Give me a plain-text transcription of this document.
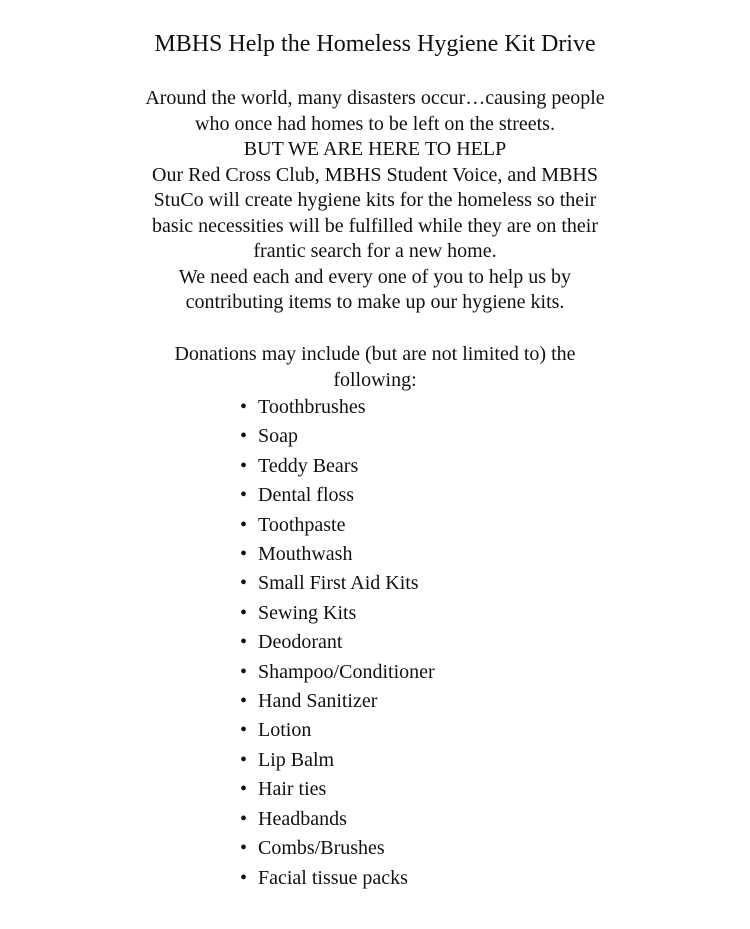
MBHS Help the Homeless Hygiene Kit Drive
Around the world, many disasters occur…causing people
who once had homes to be left on the streets.
BUT WE ARE HERE TO HELP
Our Red Cross Club, MBHS Student Voice, and MBHS
StuCo will create hygiene kits for the homeless so their
basic necessities will be fulfilled while they are on their
frantic search for a new home.
We need each and every one of you to help us by
contributing items to make up our hygiene kits.
Donations may include (but are not limited to) the
following:
• Toothbrushes
• Soap
• Teddy Bears
• Dental floss
• Toothpaste
• Mouthwash
• Small First Aid Kits
• Sewing Kits
• Deodorant
• Shampoo/Conditioner
• Hand Sanitizer
• Lotion
• Lip Balm
• Hair ties
• Headbands
• Combs/Brushes
• Facial tissue packs
